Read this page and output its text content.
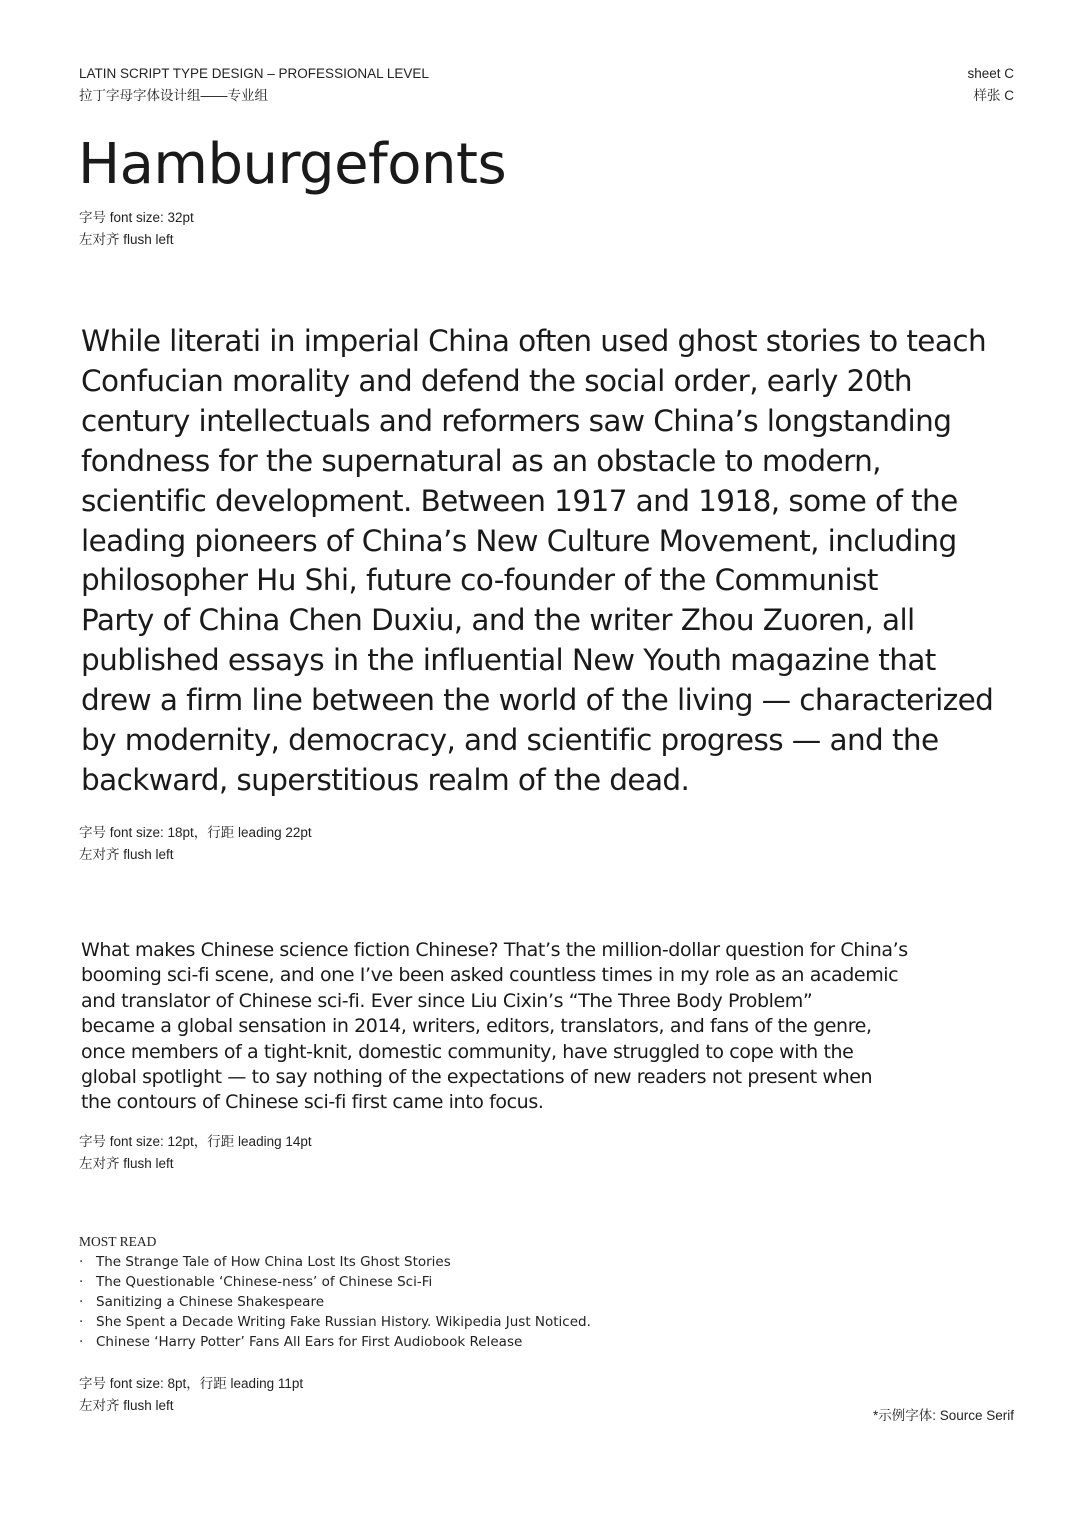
LATIN SCRIPT TYPE DESIGN – PROFESSIONAL LEVEL
拉丁字母字体设计组——专业组
sheet C
样张 C
Hamburgefonts
字号 font size: 32pt
左对齐 flush left
While literati in imperial China often used ghost stories to teach
Confucian morality and defend the social order, early 20th
century intellectuals and reformers saw China’s longstanding
fondness for the supernatural as an obstacle to modern,
scientific development. Between 1917 and 1918, some of the
leading pioneers of China’s New Culture Movement, including
philosopher Hu Shi, future co-founder of the Communist
Party of China Chen Duxiu, and the writer Zhou Zuoren, all
published essays in the influential New Youth magazine that
drew a firm line between the world of the living — characterized
by modernity, democracy, and scientific progress — and the
backward, superstitious realm of the dead.
字号 font size: 18pt，行距 leading 22pt
左对齐 flush left
What makes Chinese science fiction Chinese? That’s the million-dollar question for China’s
booming sci-fi scene, and one I’ve been asked countless times in my role as an academic
and translator of Chinese sci-fi. Ever since Liu Cixin’s “The Three Body Problem”
became a global sensation in 2014, writers, editors, translators, and fans of the genre,
once members of a tight-knit, domestic community, have struggled to cope with the
global spotlight — to say nothing of the expectations of new readers not present when
the contours of Chinese sci-fi first came into focus.
字号 font size: 12pt，行距 leading 14pt
左对齐 flush left
MOST READ
· The Strange Tale of How China Lost Its Ghost Stories
· The Questionable ‘Chinese-ness’ of Chinese Sci-Fi
· Sanitizing a Chinese Shakespeare
· She Spent a Decade Writing Fake Russian History. Wikipedia Just Noticed.
· Chinese ‘Harry Potter’ Fans All Ears for First Audiobook Release
字号 font size: 8pt，行距 leading 11pt
左对齐 flush left
*示例字体: Source Serif
